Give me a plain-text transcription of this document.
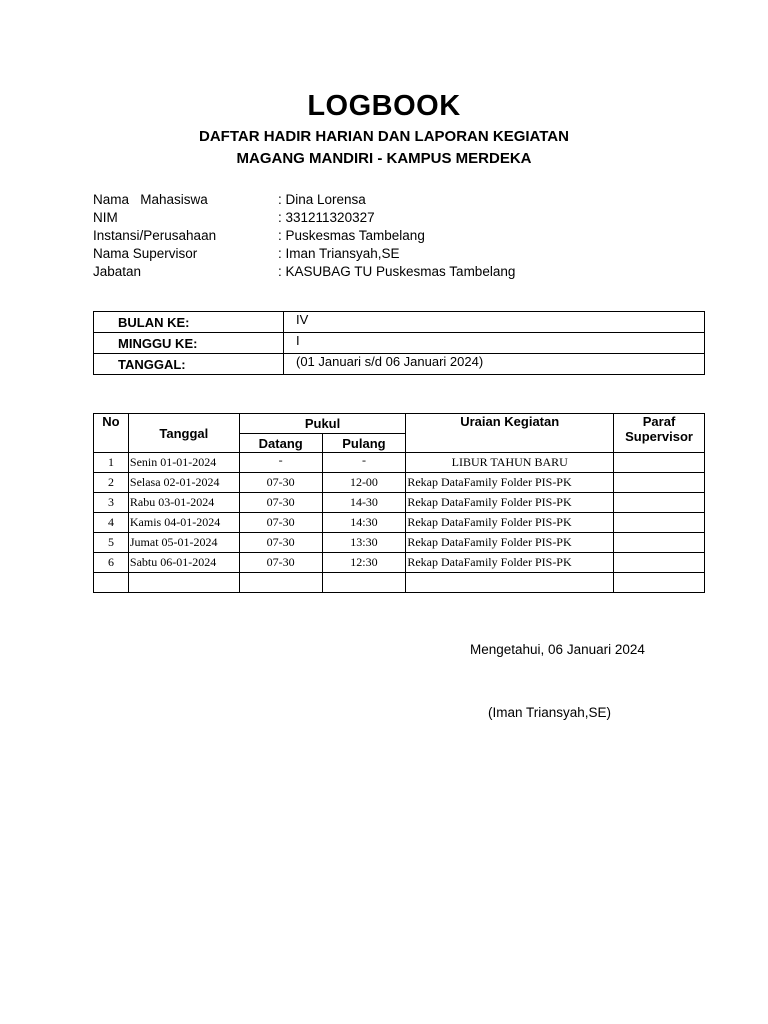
LOGBOOK
DAFTAR HADIR HARIAN DAN LAPORAN KEGIATAN
MAGANG MANDIRI - KAMPUS MERDEKA
Nama   Mahasiswa	: Dina Lorensa
NIM	: 331211320327
Instansi/Perusahaan	: Puskesmas Tambelang
Nama Supervisor	: Iman Triansyah,SE
Jabatan	: KASUBAG TU Puskesmas Tambelang
BULAN KE:	IV
MINGGU KE:	I
TANGGAL:	(01 Januari s/d 06 Januari 2024)
No	Tanggal	Pukul		Uraian Kegiatan	Paraf Supervisor
		Datang	Pulang		
1	Senin 01-01-2024	-	-	LIBUR TAHUN BARU	
2	Selasa 02-01-2024	07-30	12-00	Rekap DataFamily Folder PIS-PK	
3	Rabu 03-01-2024	07-30	14-30	Rekap DataFamily Folder PIS-PK	
4	Kamis 04-01-2024	07-30	14:30	Rekap DataFamily Folder PIS-PK	
5	Jumat 05-01-2024	07-30	13:30	Rekap DataFamily Folder PIS-PK	
6	Sabtu 06-01-2024	07-30	12:30	Rekap DataFamily Folder PIS-PK	

Mengetahui, 06 Januari 2024
(Iman Triansyah,SE)
